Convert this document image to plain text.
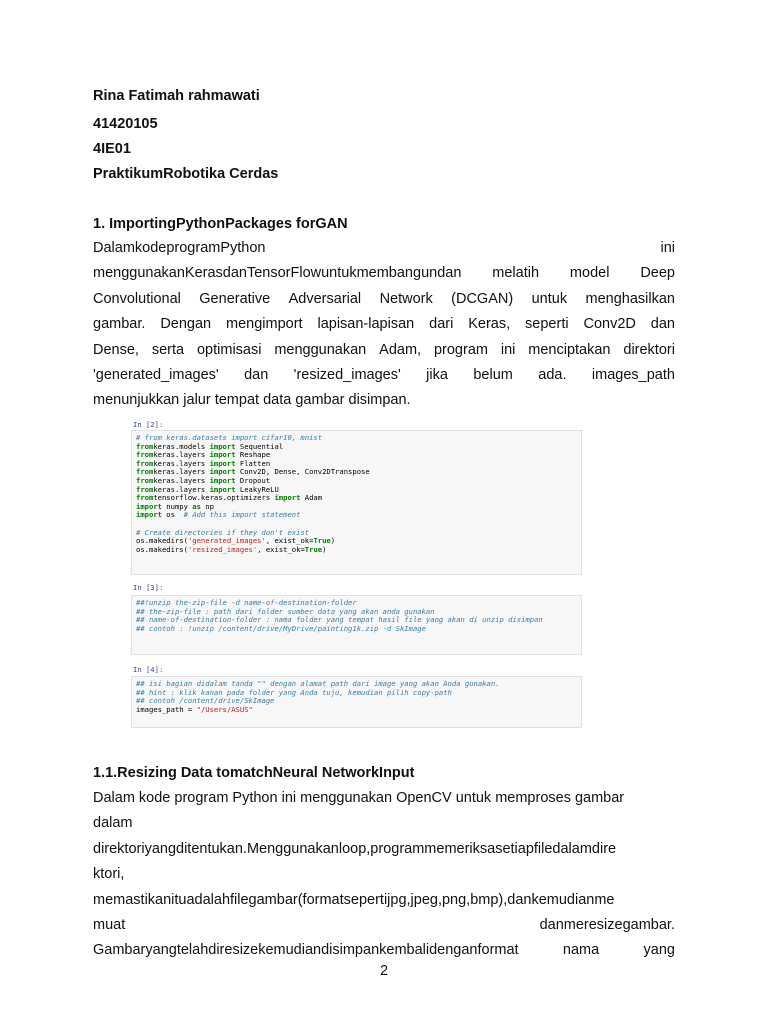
Rina Fatimah rahmawati
41420105
4IE01
PraktikumRobotika Cerdas
1. ImportingPythonPackages forGAN
DalamkodeprogramPython	ini
menggunakanKerasdanTensorFlowuntukmembangundan melatih model Deep
Convolutional Generative Adversarial Network (DCGAN) untuk menghasilkan
gambar. Dengan mengimport lapisan-lapisan dari Keras, seperti Conv2D dan
Dense, serta optimisasi menggunakan Adam, program ini menciptakan direktori
'generated_images' dan 'resized_images' jika belum ada. images_path
menunjukkan jalur tempat data gambar disimpan.
In [2]:
# from keras.datasets import cifar10, mnist
fromkeras.models import Sequential
fromkeras.layers import Reshape
fromkeras.layers import Flatten
fromkeras.layers import Conv2D, Dense, Conv2DTranspose
fromkeras.layers import Dropout
fromkeras.layers import LeakyReLU
fromtensorflow.keras.optimizers import Adam
import numpy as np
import os  # Add this import statement

# Create directories if they don't exist
os.makedirs('generated_images', exist_ok=True)
os.makedirs('resized_images', exist_ok=True)
In [3]:
##!unzip the-zip-file -d name-of-destination-folder
## the-zip-file : path dari folder sumber data yang akan anda gunakan
## name-of-destination-folder : nama folder yang tempat hasil file yang akan di unzip disimpan
## contoh : !unzip /content/drive/MyDrive/painting1k.zip -d SkImage
In [4]:
## isi bagian didalam tanda "" dengan alamat path dari image yang akan Anda gunakan.
## hint : klik kanan pada folder yang Anda tuju, kemudian pilih copy-path
## contoh /content/drive/SkImage
images_path = "/Users/ASUS"
1.1.Resizing Data tomatchNeural NetworkInput
Dalam kode program Python ini menggunakan OpenCV untuk memproses gambar
dalam
direktoriyangditentukan.Menggunakanloop,programmemeriksasetiapfiledalamdire
ktori,
memastikanituadalahfilegambar(formatsepertijpg,jpeg,png,bmp),dankemudianme
muat	danmeresizegambar.
Gambaryangtelahdiresizekemudiandisimpankembalidenganformat	nama	yang
2
